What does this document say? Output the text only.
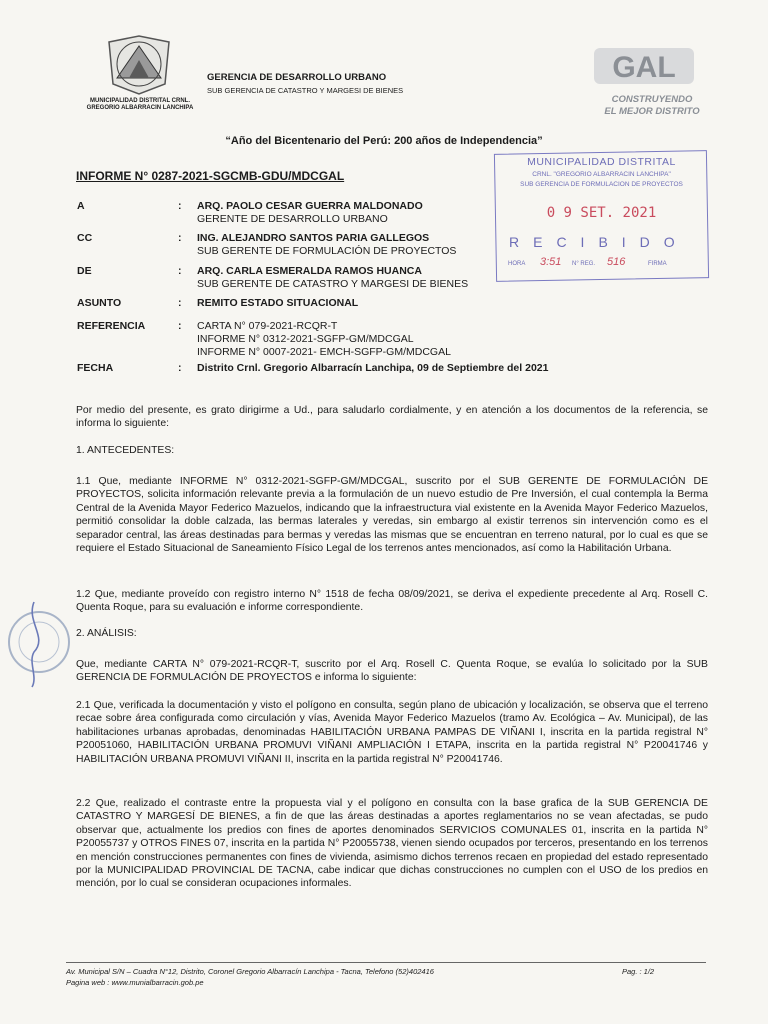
MUNICIPALIDAD DISTRITAL CRNL. GREGORIO ALBARRACIN LANCHIPA
GERENCIA DE DESARROLLO URBANO
SUB GERENCIA DE CATASTRO Y MARGESI DE BIENES
GAL
CONSTRUYENDO
EL MEJOR DISTRITO
“Año del Bicentenario del Perú: 200 años de Independencia”
INFORME N° 0287-2021-SGCMB-GDU/MDCGAL
MUNICIPALIDAD DISTRITAL
CRNL. "GREGORIO ALBARRACIN LANCHIPA"
SUB GERENCIA DE FORMULACION DE PROYECTOS
0 9 SET. 2021
RECIBIDO
HORA 3:51 N° REG. 516	FIRMA
A	: ARQ. PAOLO CESAR GUERRA MALDONADO
GERENTE DE DESARROLLO URBANO
CC	: ING. ALEJANDRO SANTOS PARIA GALLEGOS
SUB GERENTE DE FORMULACIÓN DE PROYECTOS
DE	: ARQ. CARLA ESMERALDA RAMOS HUANCA
SUB GERENTE DE CATASTRO Y MARGESI DE BIENES
ASUNTO	: REMITO ESTADO SITUACIONAL
REFERENCIA	: CARTA N° 079-2021-RCQR-T
INFORME N° 0312-2021-SGFP-GM/MDCGAL
INFORME N° 0007-2021- EMCH-SGFP-GM/MDCGAL
FECHA	: Distrito Crnl. Gregorio Albarracín Lanchipa, 09 de Septiembre del 2021
Por medio del presente, es grato dirigirme a Ud., para saludarlo cordialmente, y en atención a los documentos de la referencia, se informa lo siguiente:
1. ANTECEDENTES:
1.1 Que, mediante INFORME N° 0312-2021-SGFP-GM/MDCGAL, suscrito por el SUB GERENTE DE FORMULACIÓN DE PROYECTOS, solicita información relevante previa a la formulación de un nuevo estudio de Pre Inversión, el cual contempla la Berma Central de la Avenida Mayor Federico Mazuelos, indicando que la infraestructura vial existente en la Avenida Mayor Federico Mazuelos, permitió consolidar la doble calzada, las bermas laterales y veredas, sin embargo al existir terrenos sin intervención como es el separador central, las áreas destinadas para bermas y veredas las mismas que se encuentran en terreno natural, por lo cual es que se requiere el Estado Situacional de Saneamiento Físico Legal de los terrenos antes mencionados, así como la Habilitación Urbana.
1.2 Que, mediante proveído con registro interno N° 1518 de fecha 08/09/2021, se deriva el expediente precedente al Arq. Rosell C. Quenta Roque, para su evaluación e informe correspondiente.
2. ANÁLISIS:
Que, mediante CARTA N° 079-2021-RCQR-T, suscrito por el Arq. Rosell C. Quenta Roque, se evalúa lo solicitado por la SUB GERENCIA DE FORMULACIÓN DE PROYECTOS e informa lo siguiente:
2.1 Que, verificada la documentación y visto el polígono en consulta, según plano de ubicación y localización, se observa que el terreno recae sobre área configurada como circulación y vías, Avenida Mayor Federico Mazuelos (tramo Av. Ecológica – Av. Municipal), de las habilitaciones urbanas aprobadas, denominadas HABILITACIÓN URBANA PAMPAS DE VIÑANI I, inscrita en la partida registral N° P20051060, HABILITACIÓN URBANA PROMUVI VIÑANI AMPLIACIÓN I ETAPA, inscrita en la partida registral N° P20041746 y HABILITACIÓN URBANA PROMUVI VIÑANI II, inscrita en la partida registral N° P20041746.
2.2 Que, realizado el contraste entre la propuesta vial y el polígono en consulta con la base grafica de la SUB GERENCIA DE CATASTRO Y MARGESÍ DE BIENES, a fin de que las áreas destinadas a aportes reglamentarios no se vean afectadas, se pudo observar que, actualmente los predios con fines de aportes denominados SERVICIOS COMUNALES 01, inscrita en la partida N° P20055737 y OTROS FINES 07, inscrita en la partida N° P20055738, vienen siendo ocupados por terceros, presentando en los terrenos en mención construcciones permanentes con fines de vivienda, asimismo dichos terrenos recaen en propiedad del estado representado por la MUNICIPALIDAD PROVINCIAL DE TACNA, cabe indicar que dichas construcciones no cumplen con el USO de los predios en mención, por lo cual se consideran ocupaciones informales.
Av. Municipal S/N – Cuadra N°12, Distrito, Coronel Gregorio Albarracín Lanchipa - Tacna, Telefono (52)402416
Pagina web : www.munialbarracin.gob.pe
Pag. : 1/2
